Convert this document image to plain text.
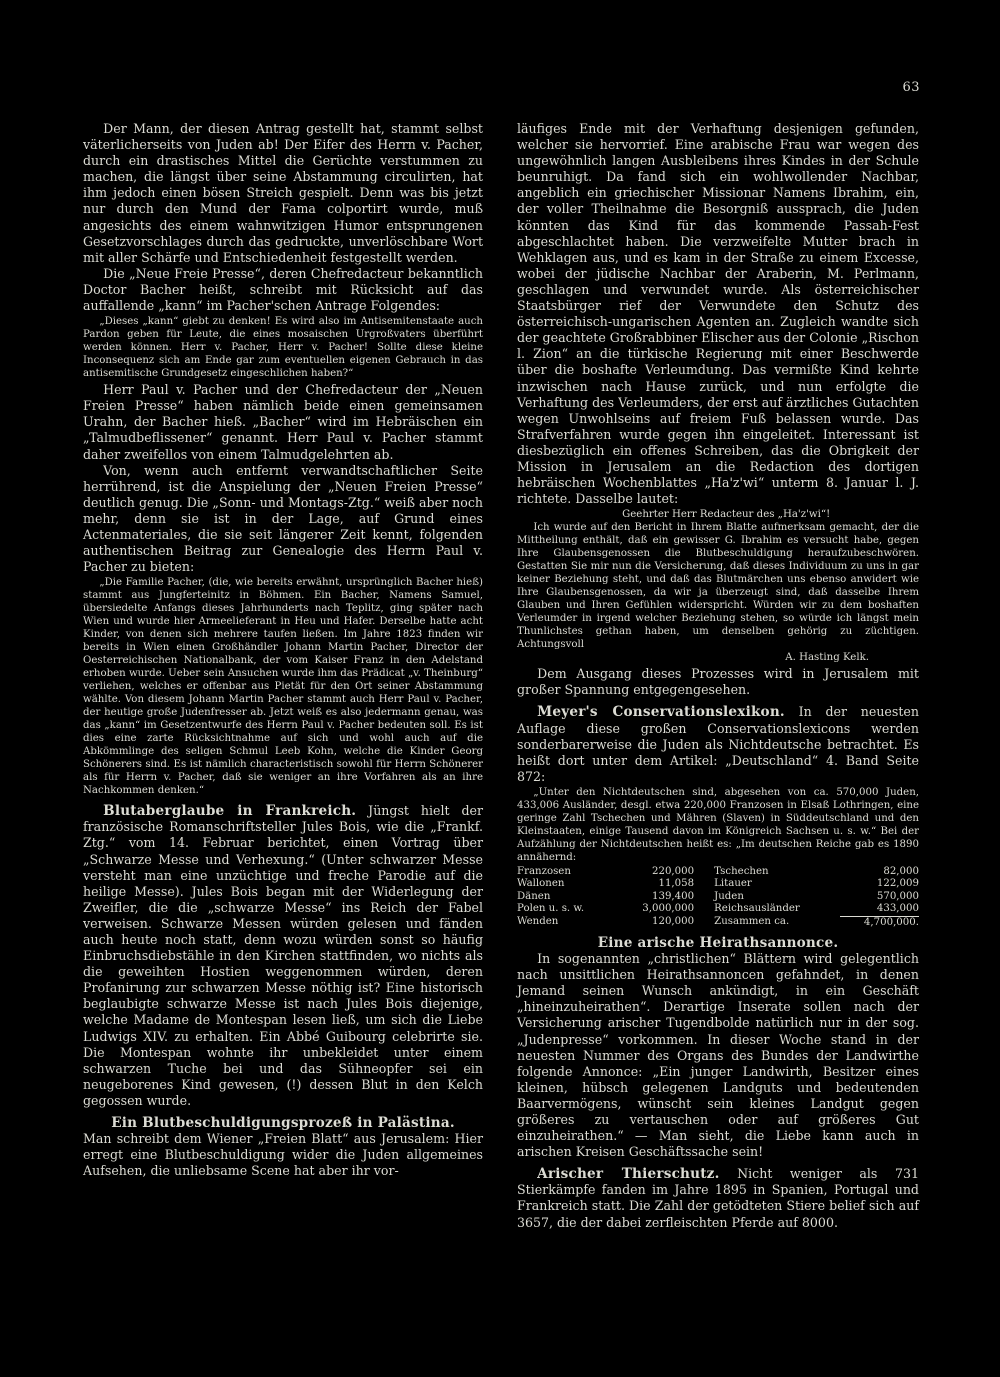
63

Der Mann, der diesen Antrag gestellt hat, stammt selbst väterlicherseits von Juden ab! Der Eifer des Herrn v. Pacher, durch ein drastisches Mittel die Gerüchte verstummen zu machen, die längst über seine Abstammung circulirten, hat ihm jedoch einen bösen Streich gespielt. Denn was bis jetzt nur durch den Mund der Fama colportirt wurde, muß angesichts des einem wahnwitzigen Humor entsprungenen Gesetzvorschlages durch das gedruckte, unverlöschbare Wort mit aller Schärfe und Entschiedenheit festgestellt werden.

Die „Neue Freie Presse“, deren Chefredacteur bekanntlich Doctor Bacher heißt, schreibt mit Rücksicht auf das auffallende „kann“ im Pacher'schen Antrage Folgendes:

„Dieses „kann“ giebt zu denken! Es wird also im Antisemitenstaate auch Pardon geben für Leute, die eines mosaischen Urgroßvaters überführt werden können. Herr v. Pacher, Herr v. Pacher! Sollte diese kleine Inconsequenz sich am Ende gar zum eventuellen eigenen Gebrauch in das antisemitische Grundgesetz eingeschlichen haben?“

Herr Paul v. Pacher und der Chefredacteur der „Neuen Freien Presse“ haben nämlich beide einen gemeinsamen Urahn, der Bacher hieß. „Bacher“ wird im Hebräischen ein „Talmudbeflissener“ genannt. Herr Paul v. Pacher stammt daher zweifellos von einem Talmudgelehrten ab.

Von, wenn auch entfernt verwandtschaftlicher Seite herrührend, ist die Anspielung der „Neuen Freien Presse“ deutlich genug. Die „Sonn- und Montags-Ztg.“ weiß aber noch mehr, denn sie ist in der Lage, auf Grund eines Actenmateriales, die sie seit längerer Zeit kennt, folgenden authentischen Beitrag zur Genealogie des Herrn Paul v. Pacher zu bieten:

„Die Familie Pacher, (die, wie bereits erwähnt, ursprünglich Bacher hieß) stammt aus Jungferteinitz in Böhmen. Ein Bacher, Namens Samuel, übersiedelte Anfangs dieses Jahrhunderts nach Teplitz, ging später nach Wien und wurde hier Armeelieferant in Heu und Hafer. Derselbe hatte acht Kinder, von denen sich mehrere taufen ließen. Im Jahre 1823 finden wir bereits in Wien einen Großhändler Johann Martin Pacher, Director der Oesterreichischen Nationalbank, der vom Kaiser Franz in den Adelstand erhoben wurde. Ueber sein Ansuchen wurde ihm das Prädicat „v. Theinburg“ verliehen, welches er offenbar aus Pietät für den Ort seiner Abstammung wählte. Von diesem Johann Martin Pacher stammt auch Herr Paul v. Pacher, der heutige große Judenfresser ab. Jetzt weiß es also jedermann genau, was das „kann“ im Gesetzentwurfe des Herrn Paul v. Pacher bedeuten soll. Es ist dies eine zarte Rücksichtnahme auf sich und wohl auch auf die Abkömmlinge des seligen Schmul Leeb Kohn, welche die Kinder Georg Schönerers sind. Es ist nämlich characteristisch sowohl für Herrn Schönerer als für Herrn v. Pacher, daß sie weniger an ihre Vorfahren als an ihre Nachkommen denken.“

Blutaberglaube in Frankreich. Jüngst hielt der französische Romanschriftsteller Jules Bois, wie die „Frankf. Ztg.“ vom 14. Februar berichtet, einen Vortrag über „Schwarze Messe und Verhexung.“ (Unter schwarzer Messe versteht man eine unzüchtige und freche Parodie auf die heilige Messe). Jules Bois began mit der Widerlegung der Zweifler, die die „schwarze Messe“ ins Reich der Fabel verweisen. Schwarze Messen würden gelesen und fänden auch heute noch statt, denn wozu würden sonst so häufig Einbruchsdiebstähle in den Kirchen stattfinden, wo nichts als die geweihten Hostien weggenommen würden, deren Profanirung zur schwarzen Messe nöthig ist? Eine historisch beglaubigte schwarze Messe ist nach Jules Bois diejenige, welche Madame de Montespan lesen ließ, um sich die Liebe Ludwigs XIV. zu erhalten. Ein Abbé Guibourg celebrirte sie. Die Montespan wohnte ihr unbekleidet unter einem schwarzen Tuche bei und das Sühneopfer sei ein neugeborenes Kind gewesen, (!) dessen Blut in den Kelch gegossen wurde.

Ein Blutbeschuldigungsprozeß in Palästina.

Man schreibt dem Wiener „Freien Blatt“ aus Jerusalem: Hier erregt eine Blutbeschuldigung wider die Juden allgemeines Aufsehen, die unliebsame Scene hat aber ihr vor-

läufiges Ende mit der Verhaftung desjenigen gefunden, welcher sie hervorrief. Eine arabische Frau war wegen des ungewöhnlich langen Ausbleibens ihres Kindes in der Schule beunruhigt. Da fand sich ein wohlwollender Nachbar, angeblich ein griechischer Missionar Namens Ibrahim, ein, der voller Theilnahme die Besorgniß aussprach, die Juden könnten das Kind für das kommende Passah-Fest abgeschlachtet haben. Die verzweifelte Mutter brach in Wehklagen aus, und es kam in der Straße zu einem Excesse, wobei der jüdische Nachbar der Araberin, M. Perlmann, geschlagen und verwundet wurde. Als österreichischer Staatsbürger rief der Verwundete den Schutz des österreichisch-ungarischen Agenten an. Zugleich wandte sich der geachtete Großrabbiner Elischer aus der Colonie „Rischon l. Zion“ an die türkische Regierung mit einer Beschwerde über die boshafte Verleumdung. Das vermißte Kind kehrte inzwischen nach Hause zurück, und nun erfolgte die Verhaftung des Verleumders, der erst auf ärztliches Gutachten wegen Unwohlseins auf freiem Fuß belassen wurde. Das Strafverfahren wurde gegen ihn eingeleitet. Interessant ist diesbezüglich ein offenes Schreiben, das die Obrigkeit der Mission in Jerusalem an die Redaction des dortigen hebräischen Wochenblattes „Ha'z'wi“ unterm 8. Januar l. J. richtete. Dasselbe lautet:

Geehrter Herr Redacteur des „Ha'z'wi“!

Ich wurde auf den Bericht in Ihrem Blatte aufmerksam gemacht, der die Mittheilung enthält, daß ein gewisser G. Ibrahim es versucht habe, gegen Ihre Glaubensgenossen die Blutbeschuldigung heraufzubeschwören. Gestatten Sie mir nun die Versicherung, daß dieses Individuum zu uns in gar keiner Beziehung steht, und daß das Blutmärchen uns ebenso anwidert wie Ihre Glaubensgenossen, da wir ja überzeugt sind, daß dasselbe Ihrem Glauben und Ihren Gefühlen widerspricht. Würden wir zu dem boshaften Verleumder in irgend welcher Beziehung stehen, so würde ich längst mein Thunlichstes gethan haben, um denselben gehörig zu züchtigen. Achtungsvoll

A. Hasting Kelk.

Dem Ausgang dieses Prozesses wird in Jerusalem mit großer Spannung entgegengesehen.

Meyer's Conservationslexikon. In der neuesten Auflage diese großen Conservationslexicons werden sonderbarerweise die Juden als Nichtdeutsche betrachtet. Es heißt dort unter dem Artikel: „Deutschland“ 4. Band Seite 872:

„Unter den Nichtdeutschen sind, abgesehen von ca. 570,000 Juden, 433,006 Ausländer, desgl. etwa 220,000 Franzosen in Elsaß Lothringen, eine geringe Zahl Tschechen und Mähren (Slaven) in Süddeutschland und den Kleinstaaten, einige Tausend davon im Königreich Sachsen u. s. w.“ Bei der Aufzählung der Nichtdeutschen heißt es: „Im deutschen Reiche gab es 1890 annähernd:

Franzosen	220,000	Tschechen	82,000
Wallonen	11,058	Litauer	122,009
Dänen	139,400	Juden	570,000
Polen u. s. w.	3,000,000	Reichsausländer	433,000
Wenden	120,000	Zusammen ca.	4,700,000.

Eine arische Heirathsannonce.

In sogenannten „christlichen“ Blättern wird gelegentlich nach unsittlichen Heirathsannoncen gefahndet, in denen Jemand seinen Wunsch ankündigt, in ein Geschäft „hineinzuheirathen“. Derartige Inserate sollen nach der Versicherung arischer Tugendbolde natürlich nur in der sog. „Judenpresse“ vorkommen. In dieser Woche stand in der neuesten Nummer des Organs des Bundes der Landwirthe folgende Annonce: „Ein junger Landwirth, Besitzer eines kleinen, hübsch gelegenen Landguts und bedeutenden Baarvermögens, wünscht sein kleines Landgut gegen größeres zu vertauschen oder auf größeres Gut einzuheirathen.“ — Man sieht, die Liebe kann auch in arischen Kreisen Geschäftssache sein!

Arischer Thierschutz. Nicht weniger als 731 Stierkämpfe fanden im Jahre 1895 in Spanien, Portugal und Frankreich statt. Die Zahl der getödteten Stiere belief sich auf 3657, die der dabei zerfleischten Pferde auf 8000.
